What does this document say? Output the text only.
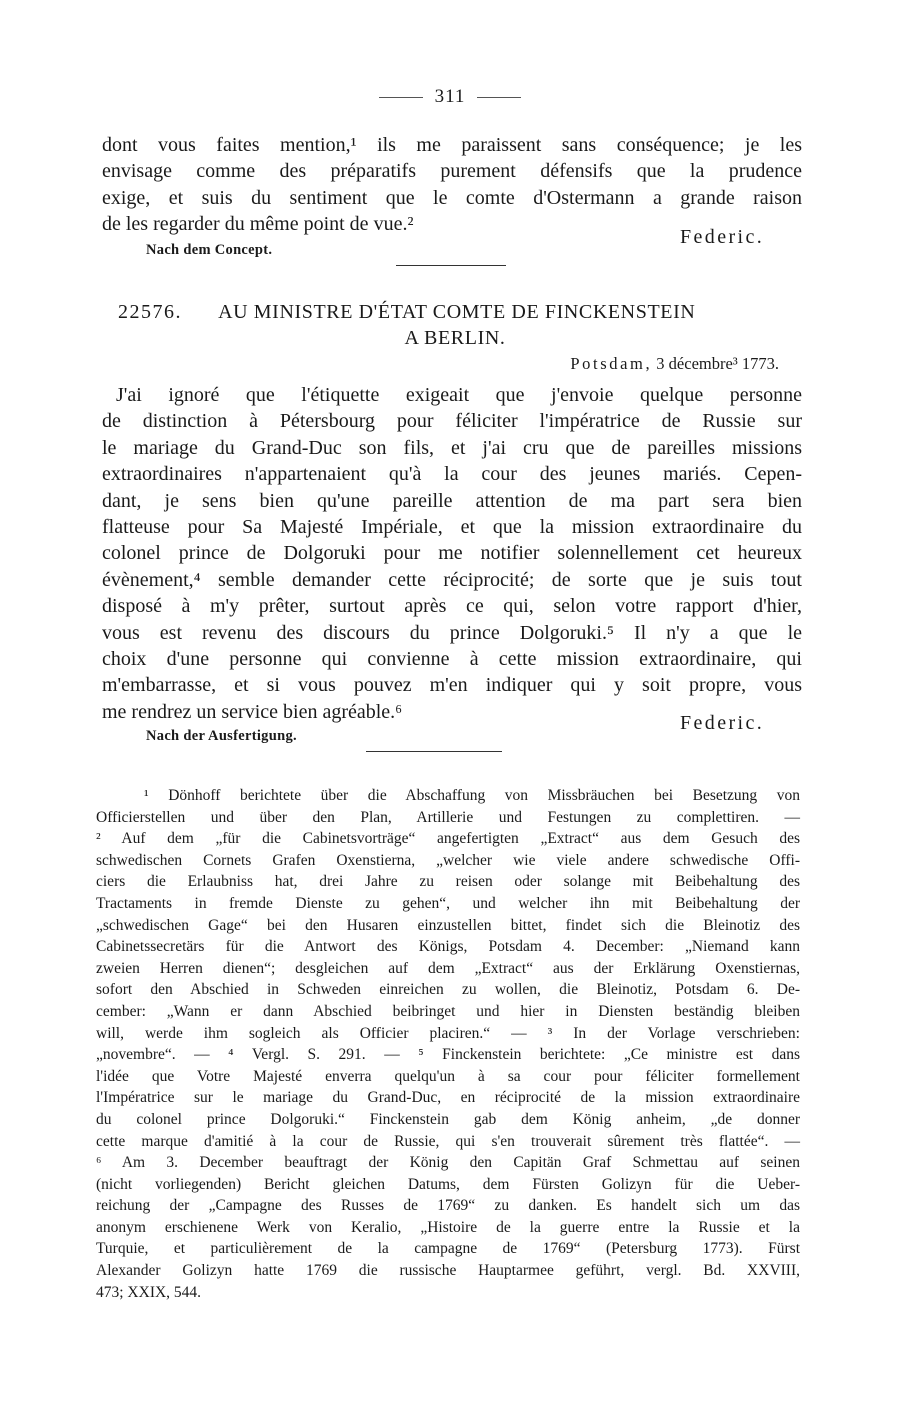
311
dont vous faites mention,¹ ils me paraissent sans conséquence; je les
envisage comme des préparatifs purement défensifs que la prudence
exige, et suis du sentiment que le comte d'Ostermann a grande raison
de les regarder du même point de vue.²
Federic.
Nach dem Concept.
22576. AU MINISTRE D'ÉTAT COMTE DE FINCKENSTEIN
A BERLIN.
Potsdam, 3 décembre³ 1773.
J'ai ignoré que l'étiquette exigeait que j'envoie quelque personne
de distinction à Pétersbourg pour féliciter l'impératrice de Russie sur
le mariage du Grand-Duc son fils, et j'ai cru que de pareilles missions
extraordinaires n'appartenaient qu'à la cour des jeunes mariés. Cepen-
dant, je sens bien qu'une pareille attention de ma part sera bien
flatteuse pour Sa Majesté Impériale, et que la mission extraordinaire du
colonel prince de Dolgoruki pour me notifier solennellement cet heureux
évènement,⁴ semble demander cette réciprocité; de sorte que je suis tout
disposé à m'y prêter, surtout après ce qui, selon votre rapport d'hier,
vous est revenu des discours du prince Dolgoruki.⁵ Il n'y a que le
choix d'une personne qui convienne à cette mission extraordinaire, qui
m'embarrasse, et si vous pouvez m'en indiquer qui y soit propre, vous
me rendrez un service bien agréable.⁶
Federic.
Nach der Ausfertigung.
¹ Dönhoff berichtete über die Abschaffung von Missbräuchen bei Besetzung von
Officierstellen und über den Plan, Artillerie und Festungen zu complettiren. —
² Auf dem „für die Cabinetsvorträge“ angefertigten „Extract“ aus dem Gesuch des
schwedischen Cornets Grafen Oxenstierna, „welcher wie viele andere schwedische Offi-
ciers die Erlaubniss hat, drei Jahre zu reisen oder solange mit Beibehaltung des
Tractaments in fremde Dienste zu gehen“, und welcher ihn mit Beibehaltung der
„schwedischen Gage“ bei den Husaren einzustellen bittet, findet sich die Bleinotiz des
Cabinetssecretärs für die Antwort des Königs, Potsdam 4. December: „Niemand kann
zweien Herren dienen“; desgleichen auf dem „Extract“ aus der Erklärung Oxenstiernas,
sofort den Abschied in Schweden einreichen zu wollen, die Bleinotiz, Potsdam 6. De-
cember: „Wann er dann Abschied beibringet und hier in Diensten beständig bleiben
will, werde ihm sogleich als Officier placiren.“ — ³ In der Vorlage verschrieben:
„novembre“. — ⁴ Vergl. S. 291. — ⁵ Finckenstein berichtete: „Ce ministre est dans
l'idée que Votre Majesté enverra quelqu'un à sa cour pour féliciter formellement
l'Impératrice sur le mariage du Grand-Duc, en réciprocité de la mission extraordinaire
du colonel prince Dolgoruki.“ Finckenstein gab dem König anheim, „de donner
cette marque d'amitié à la cour de Russie, qui s'en trouverait sûrement très flattée“. —
⁶ Am 3. December beauftragt der König den Capitän Graf Schmettau auf seinen
(nicht vorliegenden) Bericht gleichen Datums, dem Fürsten Golizyn für die Ueber-
reichung der „Campagne des Russes de 1769“ zu danken. Es handelt sich um das
anonym erschienene Werk von Keralio, „Histoire de la guerre entre la Russie et la
Turquie, et particulièrement de la campagne de 1769“ (Petersburg 1773). Fürst
Alexander Golizyn hatte 1769 die russische Hauptarmee geführt, vergl. Bd. XXVIII,
473; XXIX, 544.
